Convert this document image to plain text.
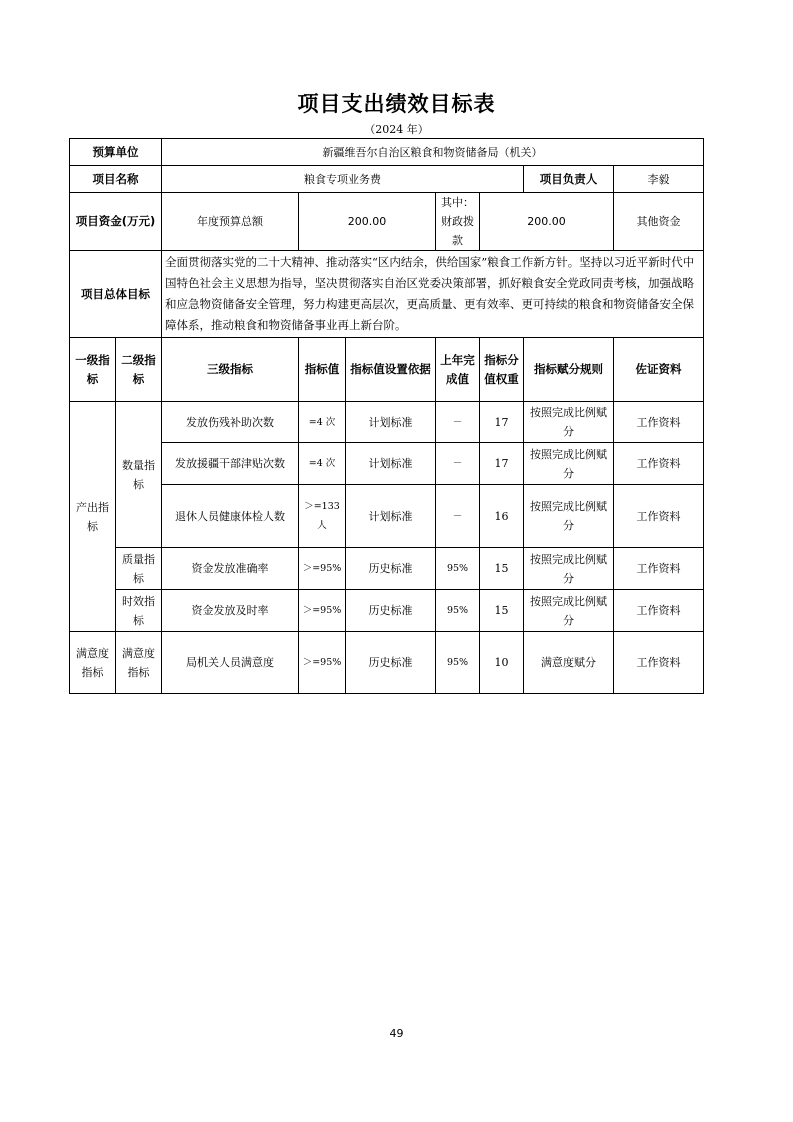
项目支出绩效目标表
（2024 年）
预算单位		新疆维吾尔自治区粮食和物资储备局（机关）							
项目名称		粮食专项业务费					项目负责人	李毅	
项目资金(万元)		年度预算总额	200.00		其中：财政拨款	200.00		其他资金	
项目总体目标		全面贯彻落实党的二十大精神、推动落实“区内结余，供给国家”粮食工作新方针。坚持以习近平新时代中国特色社会主义思想为指导，坚决贯彻落实自治区党委决策部署，抓好粮食安全党政同责考核，加强战略和应急物资储备安全管理，努力构建更高层次，更高质量、更有效率、更可持续的粮食和物资储备安全保障体系，推动粮食和物资储备事业再上新台阶。							
一级指标	二级指标	三级指标	指标值	指标值设置依据	上年完成值	指标分值权重	指标赋分规则	佐证资料	
产出指标	数量指标	发放伤残补助次数	=4 次	计划标准	－	17	按照完成比例赋分	工作资料	
		发放援疆干部津贴次数	=4 次	计划标准	－	17	按照完成比例赋分	工作资料	
		退休人员健康体检人数	＞=133 人	计划标准	－	16	按照完成比例赋分	工作资料	
	质量指标	资金发放准确率	＞=95%	历史标准	95%	15	按照完成比例赋分	工作资料	
	时效指标	资金发放及时率	＞=95%	历史标准	95%	15	按照完成比例赋分	工作资料	
满意度指标	满意度指标	局机关人员满意度	＞=95%	历史标准	95%	10	满意度赋分	工作资料	
49
